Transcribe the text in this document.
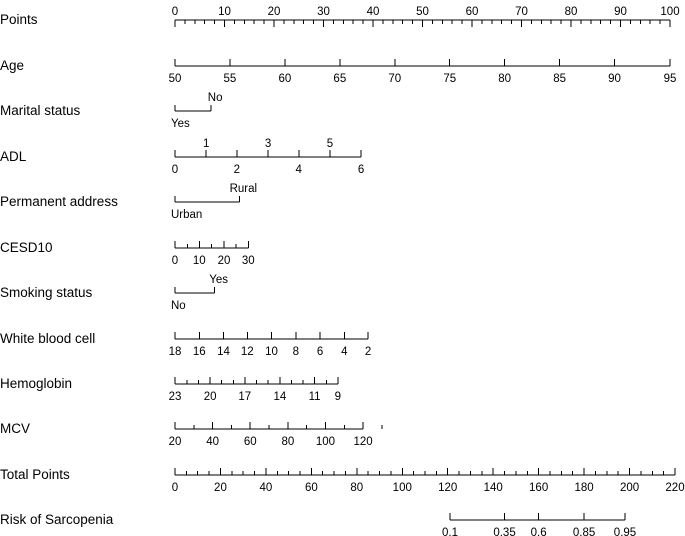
Points	0	10	20	30	40	50	60	70	80	90	100
Age
50	55	60	65	70	75	80	85	90	95
Marital status
Yes
No
ADL
0	2	4	6
1	3	5
Permanent address
Urban
Rural
CESD10
0 10 20 30
Smoking status
No
Yes
White blood cell
18 16 14 12 10 8 6 4 2
Hemoglobin
23 20 17 14 11 9
MCV
20 40 60 80 100 120
Total Points
0	20	40	60	80	100 120 140 160 180 200 220
Risk of Sarcopenia
0.1	0.35 0.6 0.85 0.95
